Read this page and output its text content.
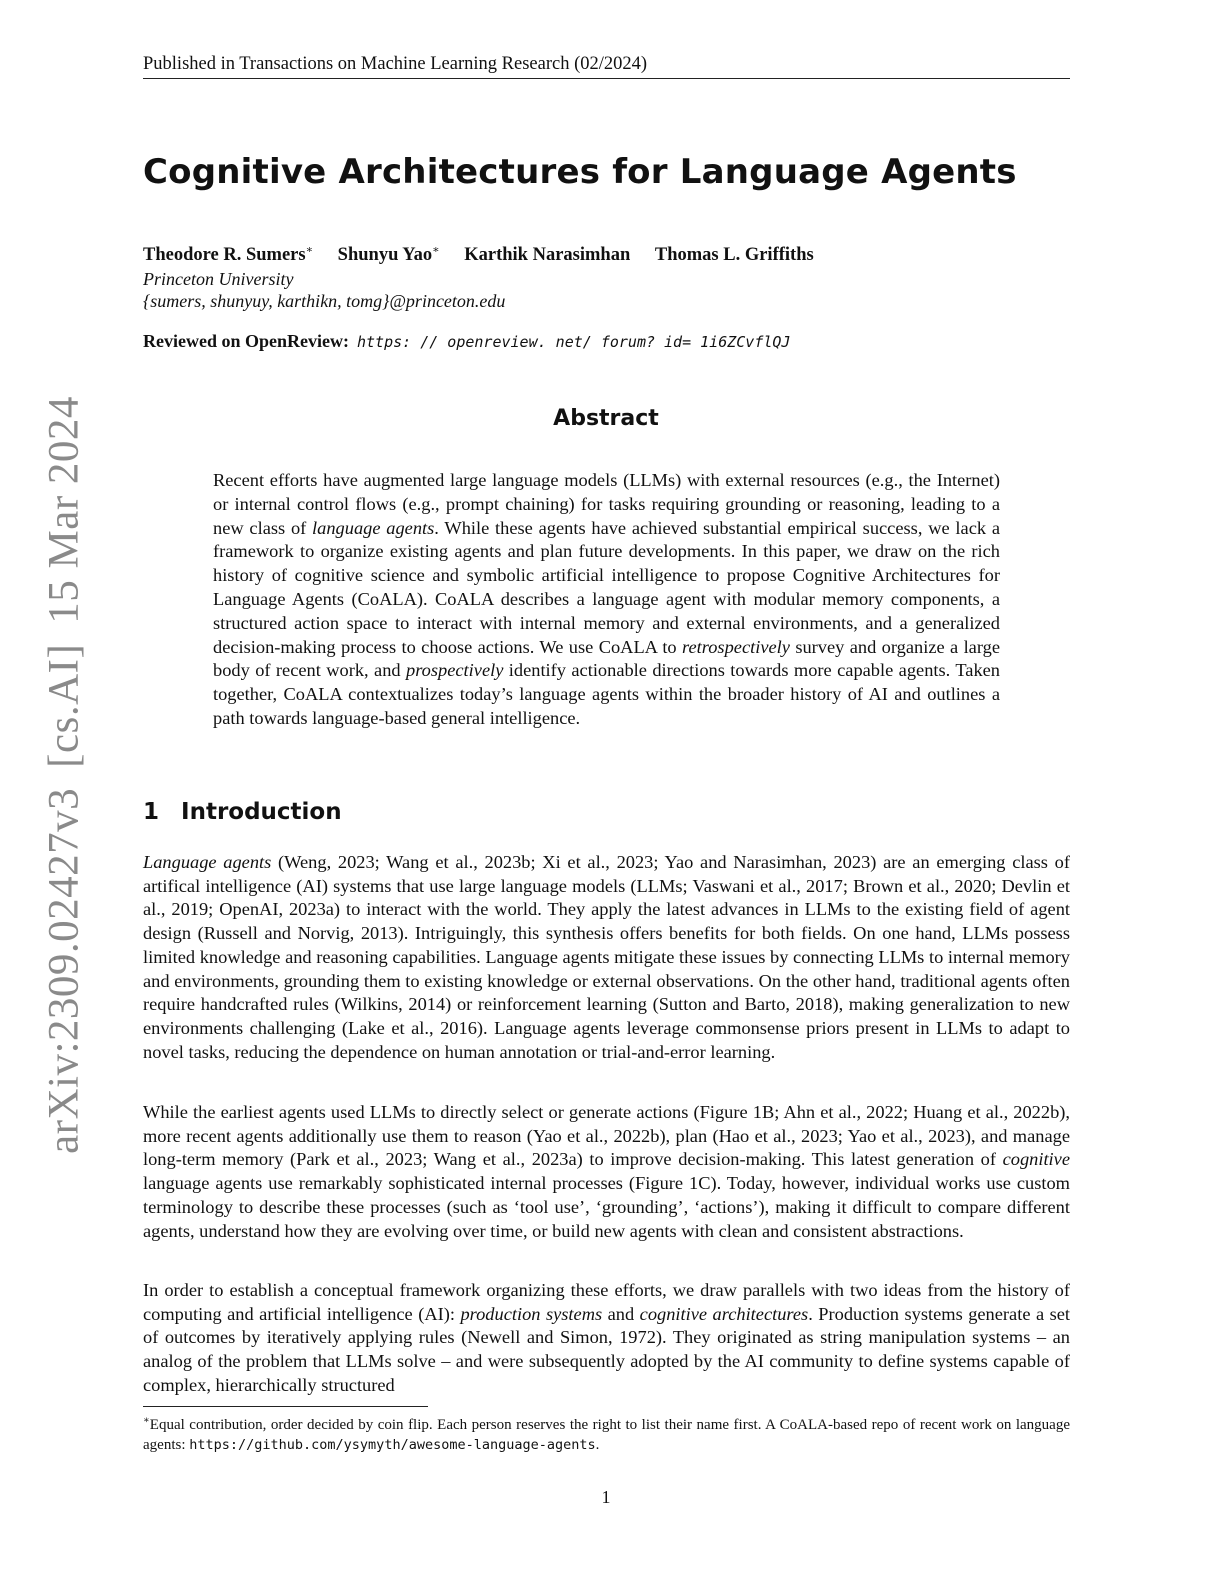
Published in Transactions on Machine Learning Research (02/2024)
Cognitive Architectures for Language Agents
Theodore R. Sumers∗ Shunyu Yao∗ Karthik Narasimhan Thomas L. Griffiths
Princeton University
{sumers, shunyuy, karthikn, tomg}@princeton.edu
Reviewed on OpenReview: https: // openreview. net/ forum? id= 1i6ZCvflQJ
Abstract

Recent efforts have augmented large language models (LLMs) with external resources (e.g., the Internet) or internal control flows (e.g., prompt chaining) for tasks requiring grounding or reasoning, leading to a new class of language agents. While these agents have achieved substantial empirical success, we lack a framework to organize existing agents and plan future developments. In this paper, we draw on the rich history of cognitive science and symbolic artificial intelligence to propose Cognitive Architectures for Language Agents (CoALA). CoALA describes a language agent with modular memory components, a structured action space to interact with internal memory and external environments, and a generalized decision-making process to choose actions. We use CoALA to retrospectively survey and organize a large body of recent work, and prospectively identify actionable directions towards more capable agents. Taken together, CoALA contextualizes today’s language agents within the broader history of AI and outlines a path towards language-based general intelligence.

1 Introduction

Language agents (Weng, 2023; Wang et al., 2023b; Xi et al., 2023; Yao and Narasimhan, 2023) are an emerging class of artifical intelligence (AI) systems that use large language models (LLMs; Vaswani et al., 2017; Brown et al., 2020; Devlin et al., 2019; OpenAI, 2023a) to interact with the world. They apply the latest advances in LLMs to the existing field of agent design (Russell and Norvig, 2013). Intriguingly, this synthesis offers benefits for both fields. On one hand, LLMs possess limited knowledge and reasoning capabilities. Language agents mitigate these issues by connecting LLMs to internal memory and environments, grounding them to existing knowledge or external observations. On the other hand, traditional agents often require handcrafted rules (Wilkins, 2014) or reinforcement learning (Sutton and Barto, 2018), making generalization to new environments challenging (Lake et al., 2016). Language agents leverage commonsense priors present in LLMs to adapt to novel tasks, reducing the dependence on human annotation or trial-and-error learning.

While the earliest agents used LLMs to directly select or generate actions (Figure 1B; Ahn et al., 2022; Huang et al., 2022b), more recent agents additionally use them to reason (Yao et al., 2022b), plan (Hao et al., 2023; Yao et al., 2023), and manage long-term memory (Park et al., 2023; Wang et al., 2023a) to improve decision-making. This latest generation of cognitive language agents use remarkably sophisticated internal processes (Figure 1C). Today, however, individual works use custom terminology to describe these processes (such as ‘tool use’, ‘grounding’, ‘actions’), making it difficult to compare different agents, understand how they are evolving over time, or build new agents with clean and consistent abstractions.

In order to establish a conceptual framework organizing these efforts, we draw parallels with two ideas from the history of computing and artificial intelligence (AI): production systems and cognitive architectures. Production systems generate a set of outcomes by iteratively applying rules (Newell and Simon, 1972). They originated as string manipulation systems – an analog of the problem that LLMs solve – and were subsequently adopted by the AI community to define systems capable of complex, hierarchically structured

∗Equal contribution, order decided by coin flip. Each person reserves the right to list their name first. A CoALA-based repo of recent work on language agents: https://github.com/ysymyth/awesome-language-agents.

1
arXiv:2309.02427v3[cs.AI]15 Mar 2024
